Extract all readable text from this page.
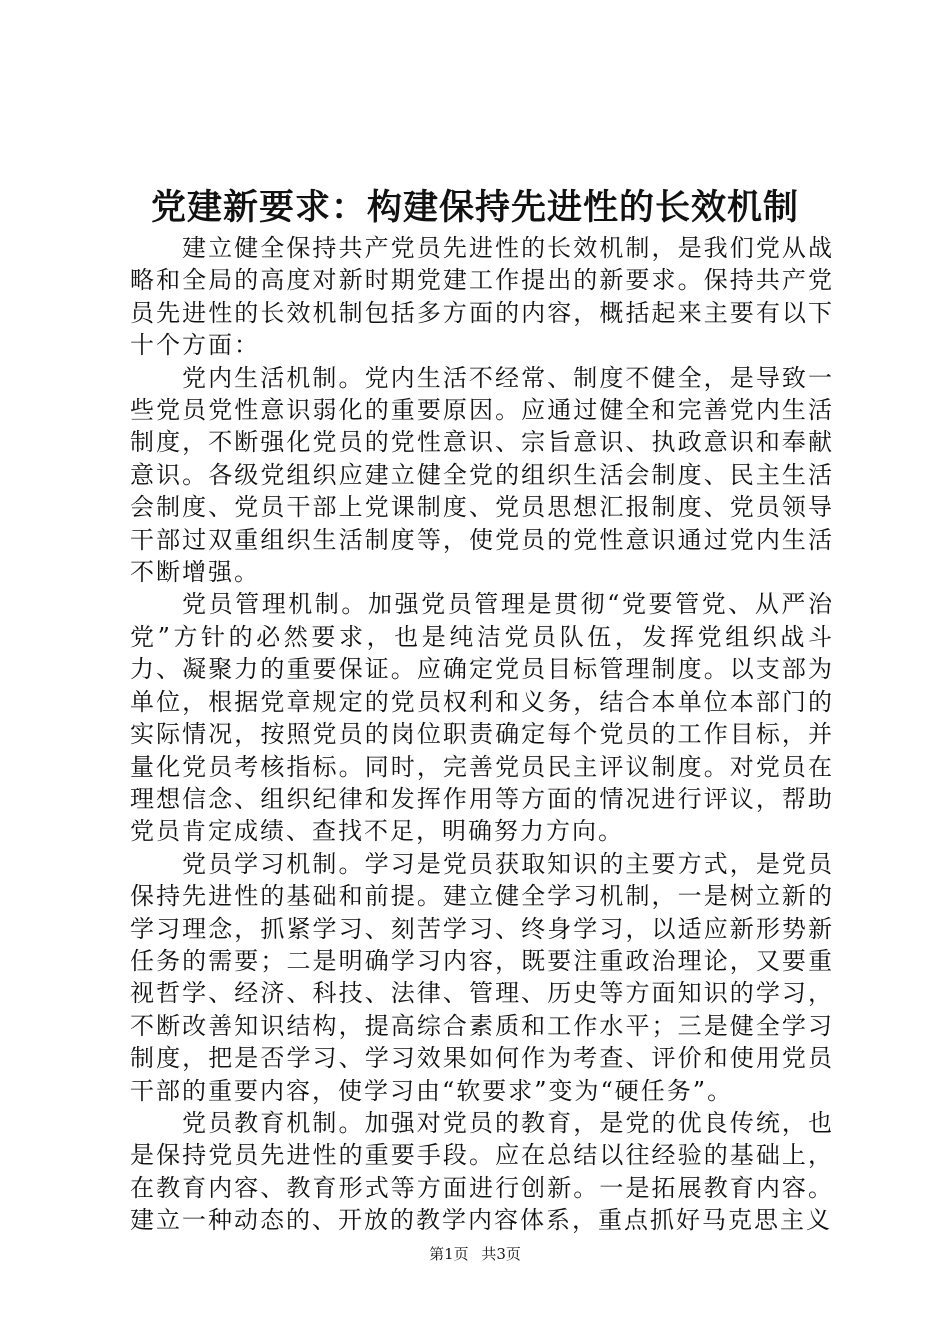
党建新要求：构建保持先进性的长效机制

建立健全保持共产党员先进性的长效机制，是我们党从战略和全局的高度对新时期党建工作提出的新要求。保持共产党员先进性的长效机制包括多方面的内容，概括起来主要有以下十个方面：

党内生活机制。党内生活不经常、制度不健全，是导致一些党员党性意识弱化的重要原因。应通过健全和完善党内生活制度，不断强化党员的党性意识、宗旨意识、执政意识和奉献意识。各级党组织应建立健全党的组织生活会制度、民主生活会制度、党员干部上党课制度、党员思想汇报制度、党员领导干部过双重组织生活制度等，使党员的党性意识通过党内生活不断增强。

党员管理机制。加强党员管理是贯彻“党要管党、从严治党”方针的必然要求，也是纯洁党员队伍，发挥党组织战斗力、凝聚力的重要保证。应确定党员目标管理制度。以支部为单位，根据党章规定的党员权利和义务，结合本单位本部门的实际情况，按照党员的岗位职责确定每个党员的工作目标，并量化党员考核指标。同时，完善党员民主评议制度。对党员在理想信念、组织纪律和发挥作用等方面的情况进行评议，帮助党员肯定成绩、查找不足，明确努力方向。

党员学习机制。学习是党员获取知识的主要方式，是党员保持先进性的基础和前提。建立健全学习机制，一是树立新的学习理念，抓紧学习、刻苦学习、终身学习，以适应新形势新任务的需要；二是明确学习内容，既要注重政治理论，又要重视哲学、经济、科技、法律、管理、历史等方面知识的学习，不断改善知识结构，提高综合素质和工作水平；三是健全学习制度，把是否学习、学习效果如何作为考查、评价和使用党员干部的重要内容，使学习由“软要求”变为“硬任务”。

党员教育机制。加强对党员的教育，是党的优良传统，也是保持党员先进性的重要手段。应在总结以往经验的基础上，在教育内容、教育形式等方面进行创新。一是拓展教育内容。建立一种动态的、开放的教学内容体系，重点抓好马克思主义

第1页 共3页
